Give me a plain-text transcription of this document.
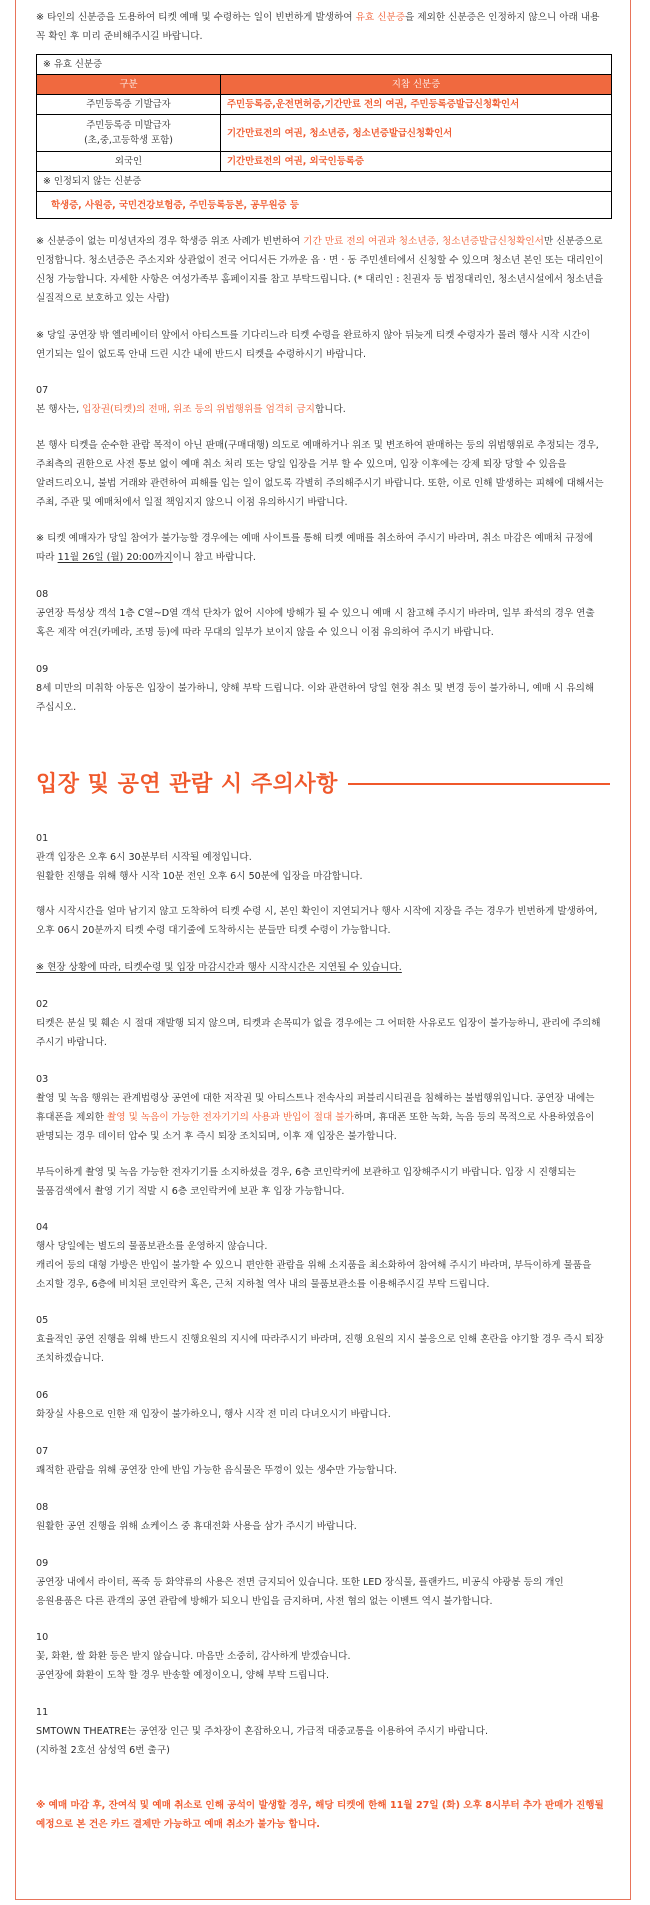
※ 타인의 신분증을 도용하여 티켓 예매 및 수령하는 일이 빈번하게 발생하여 유효 신분증을 제외한 신분증은 인정하지 않으니 아래 내용 꼭 확인 후 미리 준비해주시길 바랍니다.

※ 유효 신분증	
구분	지참 신분증
주민등록증 기발급자	주민등록증,운전면허증,기간만료 전의 여권, 주민등록증발급신청확인서
주민등록증 미발급자
(초,중,고등학생 포함)	기간만료전의 여권, 청소년증, 청소년증발급신청확인서
외국인	기간만료전의 여권, 외국인등록증
※ 인정되지 않는 신분증	
학생증, 사원증, 국민건강보험증, 주민등록등본, 공무원증 등	

※ 신분증이 없는 미성년자의 경우 학생증 위조 사례가 빈번하여 기간 만료 전의 여권과 청소년증, 청소년증발급신청확인서만 신분증으로 인정합니다. 청소년증은 주소지와 상관없이 전국 어디서든 가까운 읍 · 면 · 동 주민센터에서 신청할 수 있으며 청소년 본인 또는 대리인이 신청 가능합니다. 자세한 사항은 여성가족부 홈페이지를 참고 부탁드립니다. (* 대리인 : 친권자 등 법정대리인, 청소년시설에서 청소년을 실질적으로 보호하고 있는 사람)

※ 당일 공연장 밖 엘리베이터 앞에서 아티스트를 기다리느라 티켓 수령을 완료하지 않아 뒤늦게 티켓 수령자가 몰려 행사 시작 시간이 연기되는 일이 없도록 안내 드린 시간 내에 반드시 티켓을 수령하시기 바랍니다.

07

본 행사는, 입장권(티켓)의 전매, 위조 등의 위법행위를 엄격히 금지합니다.

본 행사 티켓을 순수한 관람 목적이 아닌 판매(구매대행) 의도로 예매하거나 위조 및 변조하여 판매하는 등의 위법행위로 추정되는 경우, 주최측의 권한으로 사전 통보 없이 예매 취소 처리 또는 당일 입장을 거부 할 수 있으며, 입장 이후에는 강제 퇴장 당할 수 있음을 알려드리오니, 불법 거래와 관련하여 피해를 입는 일이 없도록 각별히 주의해주시기 바랍니다. 또한, 이로 인해 발생하는 피해에 대해서는 주최, 주관 및 예매처에서 일절 책임지지 않으니 이점 유의하시기 바랍니다.

※ 티켓 예매자가 당일 참여가 불가능할 경우에는 예매 사이트를 통해 티켓 예매를 취소하여 주시기 바라며, 취소 마감은 예매처 규정에 따라 11월 26일 (월) 20:00까지이니 참고 바랍니다.

08

공연장 특성상 객석 1층 C열~D열 객석 단차가 없어 시야에 방해가 될 수 있으니 예매 시 참고해 주시기 바라며, 일부 좌석의 경우 연출 혹은 제작 여건(카메라, 조명 등)에 따라 무대의 일부가 보이지 않을 수 있으니 이점 유의하여 주시기 바랍니다.

09

8세 미만의 미취학 아동은 입장이 불가하니, 양해 부탁 드립니다. 이와 관련하여 당일 현장 취소 및 변경 등이 불가하니, 예매 시 유의해 주십시오.

입장 및 공연 관람 시 주의사항

01

관객 입장은 오후 6시 30분부터 시작될 예정입니다.

원활한 진행을 위해 행사 시작 10분 전인 오후 6시 50분에 입장을 마감합니다.

행사 시작시간을 얼마 남기지 않고 도착하여 티켓 수령 시, 본인 확인이 지연되거나 행사 시작에 지장을 주는 경우가 빈번하게 발생하여, 오후 06시 20분까지 티켓 수령 대기줄에 도착하시는 분들만 티켓 수령이 가능합니다.

※ 현장 상황에 따라, 티켓수령 및 입장 마감시간과 행사 시작시간은 지연될 수 있습니다.

02

티켓은 분실 및 훼손 시 절대 재발행 되지 않으며, 티켓과 손목띠가 없을 경우에는 그 어떠한 사유로도 입장이 불가능하니, 관리에 주의해 주시기 바랍니다.

03

촬영 및 녹음 행위는 관계법령상 공연에 대한 저작권 및 아티스트나 전속사의 퍼블리시티권을 침해하는 불법행위입니다. 공연장 내에는 휴대폰을 제외한 촬영 및 녹음이 가능한 전자기기의 사용과 반입이 절대 불가하며, 휴대폰 또한 녹화, 녹음 등의 목적으로 사용하였음이 판명되는 경우 데이터 압수 및 소거 후 즉시 퇴장 조치되며, 이후 재 입장은 불가합니다.

부득이하게 촬영 및 녹음 가능한 전자기기를 소지하셨을 경우, 6층 코인락커에 보관하고 입장해주시기 바랍니다. 입장 시 진행되는 물품검색에서 촬영 기기 적발 시 6층 코인락커에 보관 후 입장 가능합니다.

04

행사 당일에는 별도의 물품보관소를 운영하지 않습니다.

캐리어 등의 대형 가방은 반입이 불가할 수 있으니 편안한 관람을 위해 소지품을 최소화하여 참여해 주시기 바라며, 부득이하게 물품을 소지할 경우, 6층에 비치된 코인락커 혹은, 근처 지하철 역사 내의 물품보관소를 이용해주시길 부탁 드립니다.

05

효율적인 공연 진행을 위해 반드시 진행요원의 지시에 따라주시기 바라며, 진행 요원의 지시 불응으로 인해 혼란을 야기할 경우 즉시 퇴장 조치하겠습니다.

06

화장실 사용으로 인한 재 입장이 불가하오니, 행사 시작 전 미리 다녀오시기 바랍니다.

07

쾌적한 관람을 위해 공연장 안에 반입 가능한 음식물은 뚜껑이 있는 생수만 가능합니다.

08

원활한 공연 진행을 위해 쇼케이스 중 휴대전화 사용을 삼가 주시기 바랍니다.

09

공연장 내에서 라이터, 폭죽 등 화약류의 사용은 전면 금지되어 있습니다. 또한 LED 장식물, 플랜카드, 비공식 야광봉 등의 개인 응원용품은 다른 관객의 공연 관람에 방해가 되오니 반입을 금지하며, 사전 협의 없는 이벤트 역시 불가합니다.

10

꽃, 화환, 쌀 화환 등은 받지 않습니다. 마음만 소중히, 감사하게 받겠습니다.

공연장에 화환이 도착 할 경우 반송할 예정이오니, 양해 부탁 드립니다.

11

SMTOWN THEATRE는 공연장 인근 및 주차장이 혼잡하오니, 가급적 대중교통을 이용하여 주시기 바랍니다.

(지하철 2호선 삼성역 6번 출구)

※ 예매 마감 후, 잔여석 및 예매 취소로 인해 공석이 발생할 경우, 해당 티켓에 한해 11월 27일 (화) 오후 8시부터 추가 판매가 진행될 예정으로 본 건은 카드 결제만 가능하고 예매 취소가 불가능 합니다.
